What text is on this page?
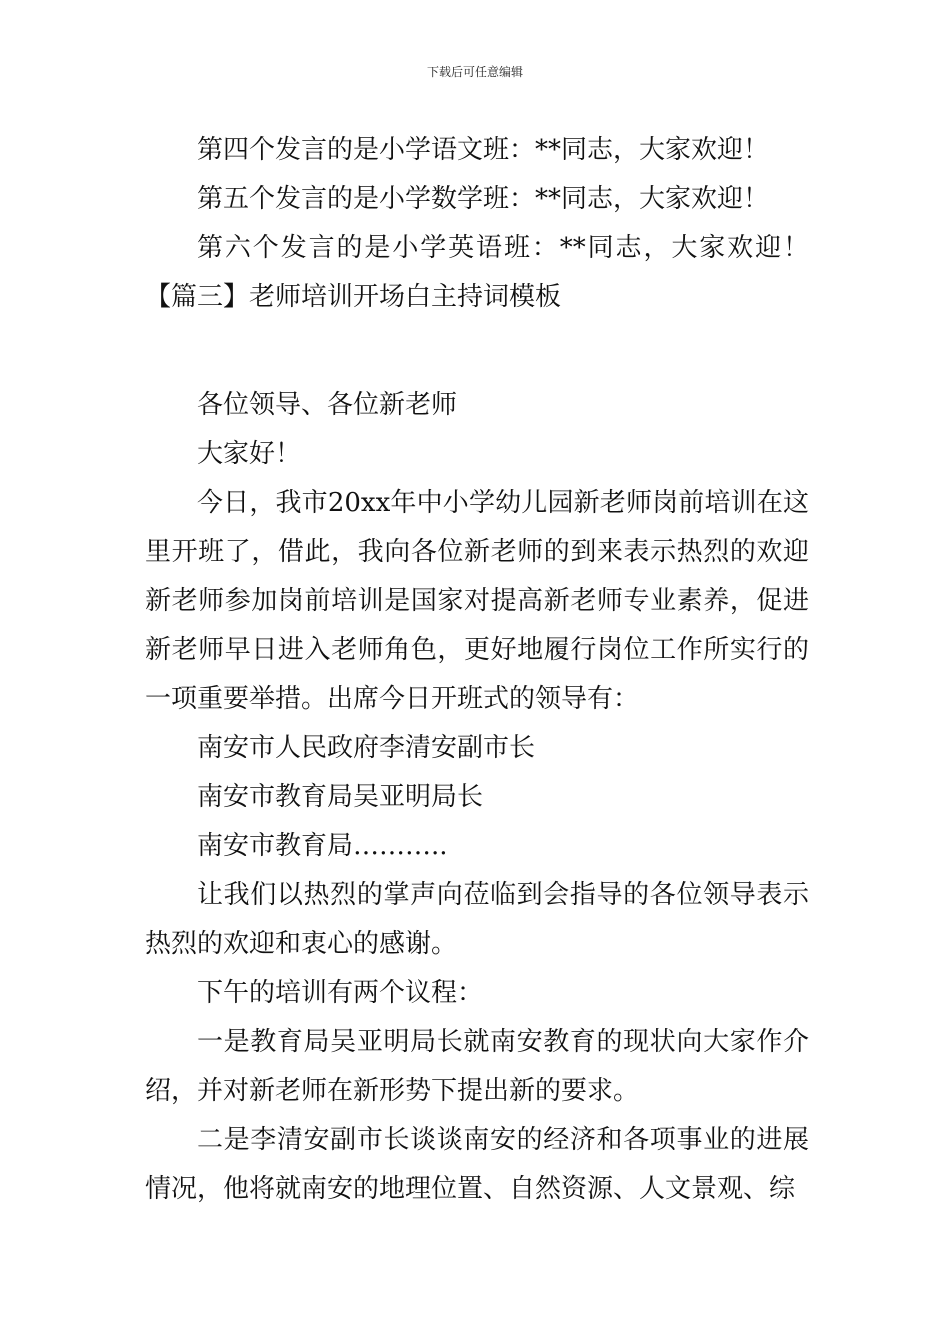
下载后可任意编辑

第四个发言的是小学语文班：**同志，大家欢迎！

第五个发言的是小学数学班：**同志，大家欢迎！

第六个发言的是小学英语班：**同志，大家欢迎！【篇三】老师培训开场白主持词模板

各位领导、各位新老师

大家好！

今日，我市20xx年中小学幼儿园新老师岗前培训在这里开班了，借此，我向各位新老师的到来表示热烈的欢迎新老师参加岗前培训是国家对提高新老师专业素养，促进新老师早日进入老师角色，更好地履行岗位工作所实行的一项重要举措。出席今日开班式的领导有：

南安市人民政府李清安副市长

南安市教育局吴亚明局长

南安市教育局………..

让我们以热烈的掌声向莅临到会指导的各位领导表示热烈的欢迎和衷心的感谢。

下午的培训有两个议程：

一是教育局吴亚明局长就南安教育的现状向大家作介绍，并对新老师在新形势下提出新的要求。

二是李清安副市长谈谈南安的经济和各项事业的进展情况，他将就南安的地理位置、自然资源、人文景观、综
